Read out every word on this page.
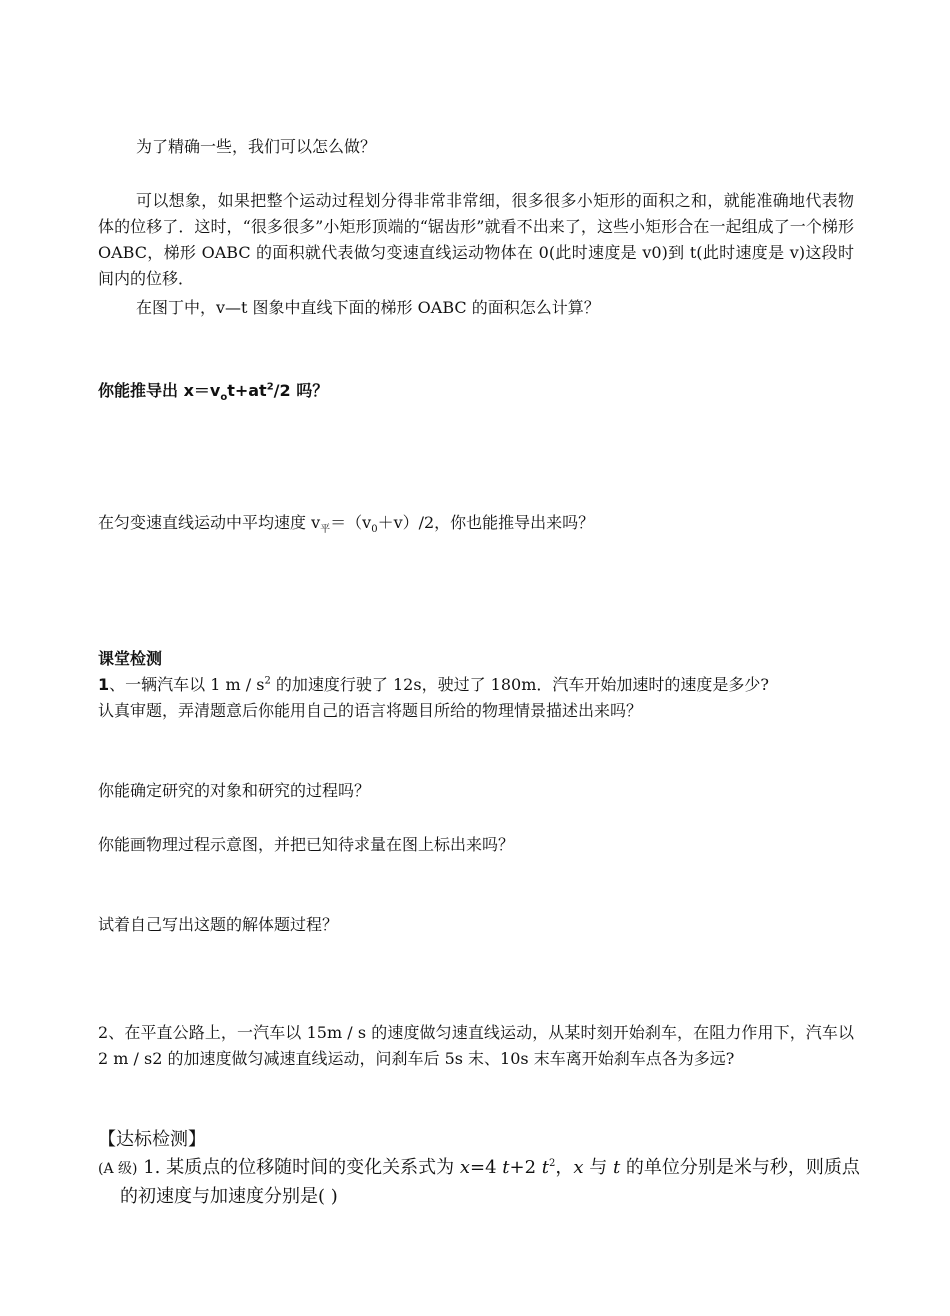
为了精确一些，我们可以怎么做？

可以想象，如果把整个运动过程划分得非常非常细，很多很多小矩形的面积之和，就能准确地代表物体的位移了．这时，“很多很多”小矩形顶端的“锯齿形”就看不出来了，这些小矩形合在一起组成了一个梯形 OABC，梯形 OABC 的面积就代表做匀变速直线运动物体在 0(此时速度是 v0)到 t(此时速度是 v)这段时间内的位移．

在图丁中，v—t 图象中直线下面的梯形 OABC 的面积怎么计算？

你能推导出 $x=v_ot+at^2/2$ 吗？

在匀变速直线运动中平均速度 $v_平=(v_0+v)/2$，你也能推导出来吗？

课堂检测

1、一辆汽车以 1 m / $s^2$ 的加速度行驶了 12s，驶过了 180m．汽车开始加速时的速度是多少?

认真审题，弄清题意后你能用自己的语言将题目所给的物理情景描述出来吗？

你能确定研究的对象和研究的过程吗？

你能画物理过程示意图，并把已知待求量在图上标出来吗？

试着自己写出这题的解体题过程？

2、在平直公路上，一汽车以 15m / s 的速度做匀速直线运动，从某时刻开始刹车，在阻力作用下，汽车以 2 m / s2 的加速度做匀减速直线运动，问刹车后 5s 末、10s 末车离开始刹车点各为多远?

【达标检测】

(A 级) 1. 某质点的位移随时间的变化关系式为 x=4 t+2 $t^2$，x 与 t 的单位分别是米与秒，则质点的初速度与加速度分别是( )
